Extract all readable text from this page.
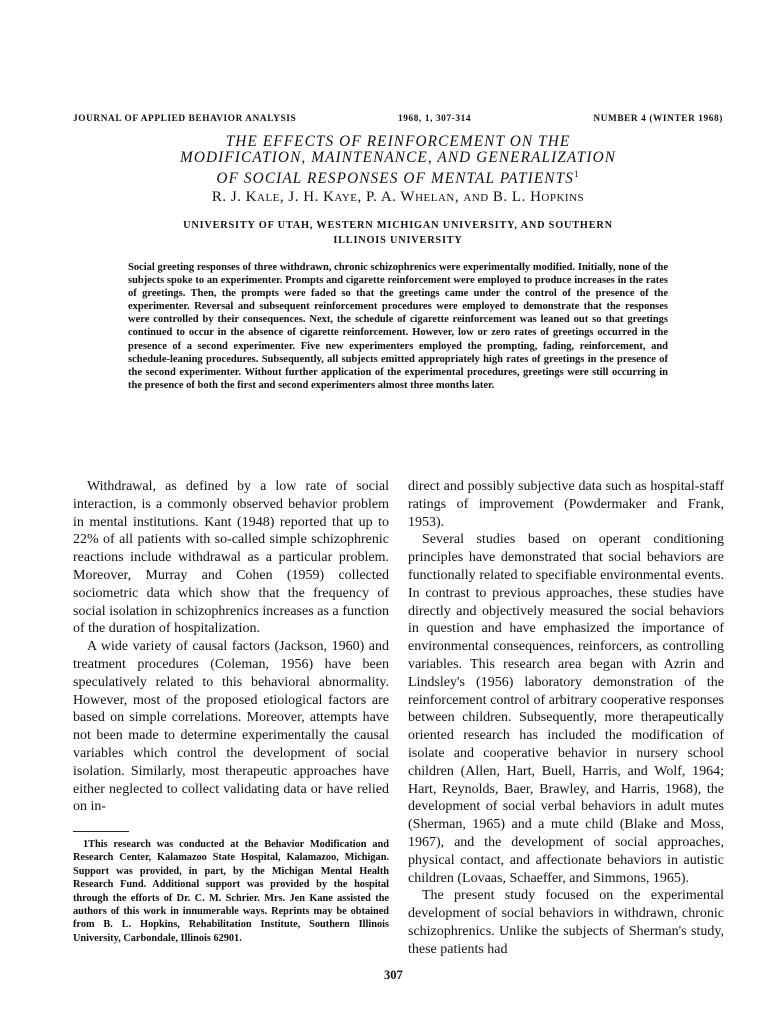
JOURNAL OF APPLIED BEHAVIOR ANALYSIS	1968, 1, 307-314	NUMBER 4 (WINTER 1968)
THE EFFECTS OF REINFORCEMENT ON THE
MODIFICATION, MAINTENANCE, AND GENERALIZATION
OF SOCIAL RESPONSES OF MENTAL PATIENTS$^1$
R. J. Kale, J. H. Kaye, P. A. Whelan, and B. L. Hopkins
UNIVERSITY OF UTAH, WESTERN MICHIGAN UNIVERSITY, AND SOUTHERN
ILLINOIS UNIVERSITY
Social greeting responses of three withdrawn, chronic schizophrenics were experimentally modified. Initially, none of the subjects spoke to an experimenter. Prompts and cigarette reinforcement were employed to produce increases in the rates of greetings. Then, the prompts were faded so that the greetings came under the control of the presence of the experimenter. Reversal and subsequent reinforcement procedures were employed to demonstrate that the responses were controlled by their consequences. Next, the schedule of cigarette reinforcement was leaned out so that greetings continued to occur in the absence of cigarette reinforcement. However, low or zero rates of greetings occurred in the presence of a second experimenter. Five new experimenters employed the prompting, fading, reinforcement, and schedule-leaning procedures. Subsequently, all subjects emitted appropriately high rates of greetings in the presence of the second experimenter. Without further application of the experimental procedures, greetings were still occurring in the presence of both the first and second experimenters almost three months later.

Withdrawal, as defined by a low rate of social interaction, is a commonly observed behavior problem in mental institutions. Kant (1948) reported that up to 22% of all patients with so-called simple schizophrenic reactions include withdrawal as a particular problem. Moreover, Murray and Cohen (1959) collected sociometric data which show that the frequency of social isolation in schizophrenics increases as a function of the duration of hospitalization.

A wide variety of causal factors (Jackson, 1960) and treatment procedures (Coleman, 1956) have been speculatively related to this behavioral abnormality. However, most of the proposed etiological factors are based on simple correlations. Moreover, attempts have not been made to determine experimentally the causal variables which control the development of social isolation. Similarly, most therapeutic approaches have either neglected to collect validating data or have relied on in-

direct and possibly subjective data such as hospital-staff ratings of improvement (Powdermaker and Frank, 1953).

Several studies based on operant conditioning principles have demonstrated that social behaviors are functionally related to specifiable environmental events. In contrast to previous approaches, these studies have directly and objectively measured the social behaviors in question and have emphasized the importance of environmental consequences, reinforcers, as controlling variables. This research area began with Azrin and Lindsley's (1956) laboratory demonstration of the reinforcement control of arbitrary cooperative responses between children. Subsequently, more therapeutically oriented research has included the modification of isolate and cooperative behavior in nursery school children (Allen, Hart, Buell, Harris, and Wolf, 1964; Hart, Reynolds, Baer, Brawley, and Harris, 1968), the development of social verbal behaviors in adult mutes (Sherman, 1965) and a mute child (Blake and Moss, 1967), and the development of social approaches, physical contact, and affectionate behaviors in autistic children (Lovaas, Schaeffer, and Simmons, 1965).

The present study focused on the experimental development of social behaviors in withdrawn, chronic schizophrenics. Unlike the subjects of Sherman's study, these patients had

1This research was conducted at the Behavior Modification and Research Center, Kalamazoo State Hospital, Kalamazoo, Michigan. Support was provided, in part, by the Michigan Mental Health Research Fund. Additional support was provided by the hospital through the efforts of Dr. C. M. Schrier. Mrs. Jen Kane assisted the authors of this work in innumerable ways. Reprints may be obtained from B. L. Hopkins, Rehabilitation Institute, Southern Illinois University, Carbondale, Illinois 62901.

307
